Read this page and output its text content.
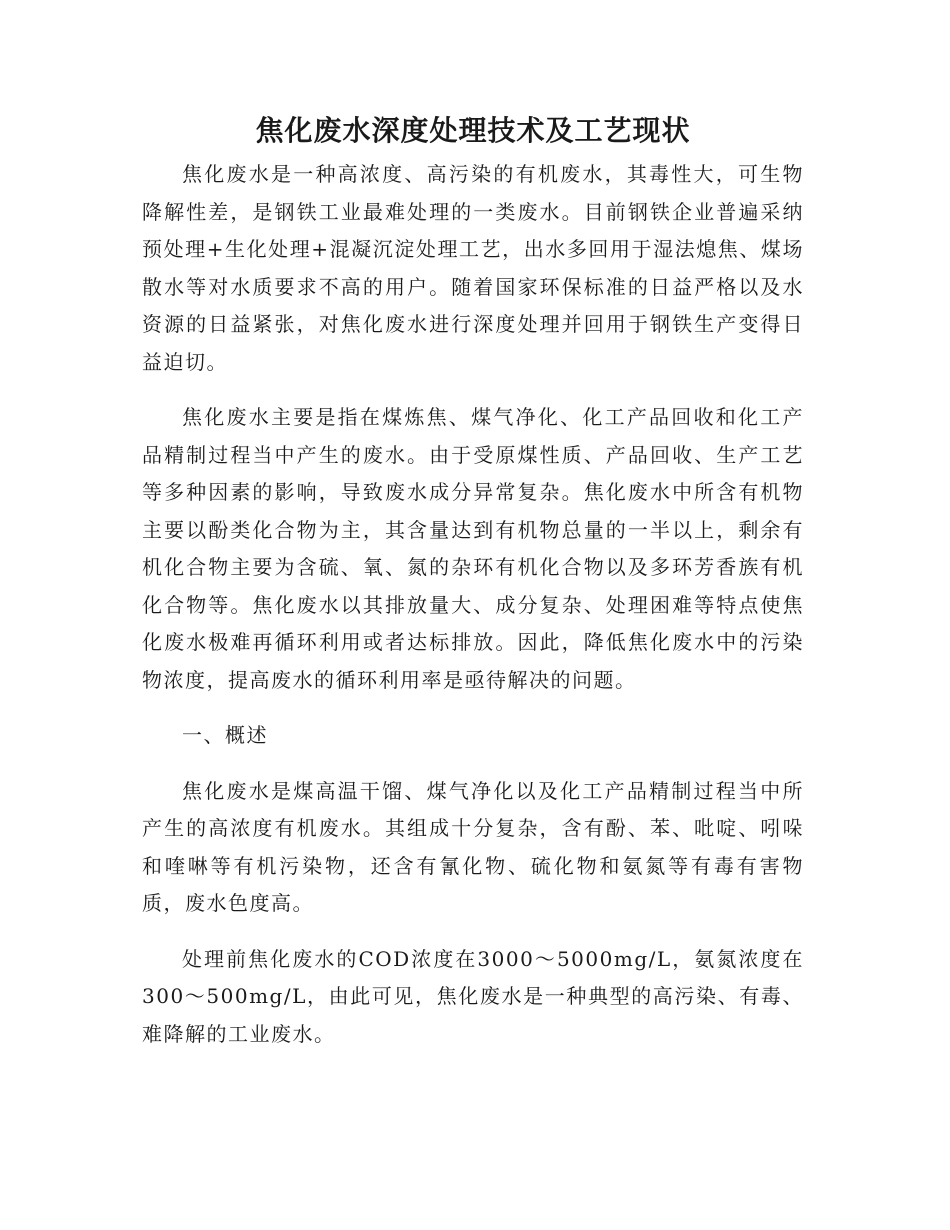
焦化废水深度处理技术及工艺现状

焦化废水是一种高浓度、高污染的有机废水，其毒性大，可生物降解性差，是钢铁工业最难处理的一类废水。目前钢铁企业普遍采纳预处理+生化处理+混凝沉淀处理工艺，出水多回用于湿法熄焦、煤场散水等对水质要求不高的用户。随着国家环保标准的日益严格以及水资源的日益紧张，对焦化废水进行深度处理并回用于钢铁生产变得日益迫切。

焦化废水主要是指在煤炼焦、煤气净化、化工产品回收和化工产品精制过程当中产生的废水。由于受原煤性质、产品回收、生产工艺等多种因素的影响，导致废水成分异常复杂。焦化废水中所含有机物主要以酚类化合物为主，其含量达到有机物总量的一半以上，剩余有机化合物主要为含硫、氧、氮的杂环有机化合物以及多环芳香族有机化合物等。焦化废水以其排放量大、成分复杂、处理困难等特点使焦化废水极难再循环利用或者达标排放。因此，降低焦化废水中的污染物浓度，提高废水的循环利用率是亟待解决的问题。

一、概述

焦化废水是煤高温干馏、煤气净化以及化工产品精制过程当中所产生的高浓度有机废水。其组成十分复杂，含有酚、苯、吡啶、吲哚和喹啉等有机污染物，还含有氰化物、硫化物和氨氮等有毒有害物质，废水色度高。

处理前焦化废水的COD浓度在3000～5000mg/L，氨氮浓度在300～500mg/L，由此可见，焦化废水是一种典型的高污染、有毒、难降解的工业废水。
